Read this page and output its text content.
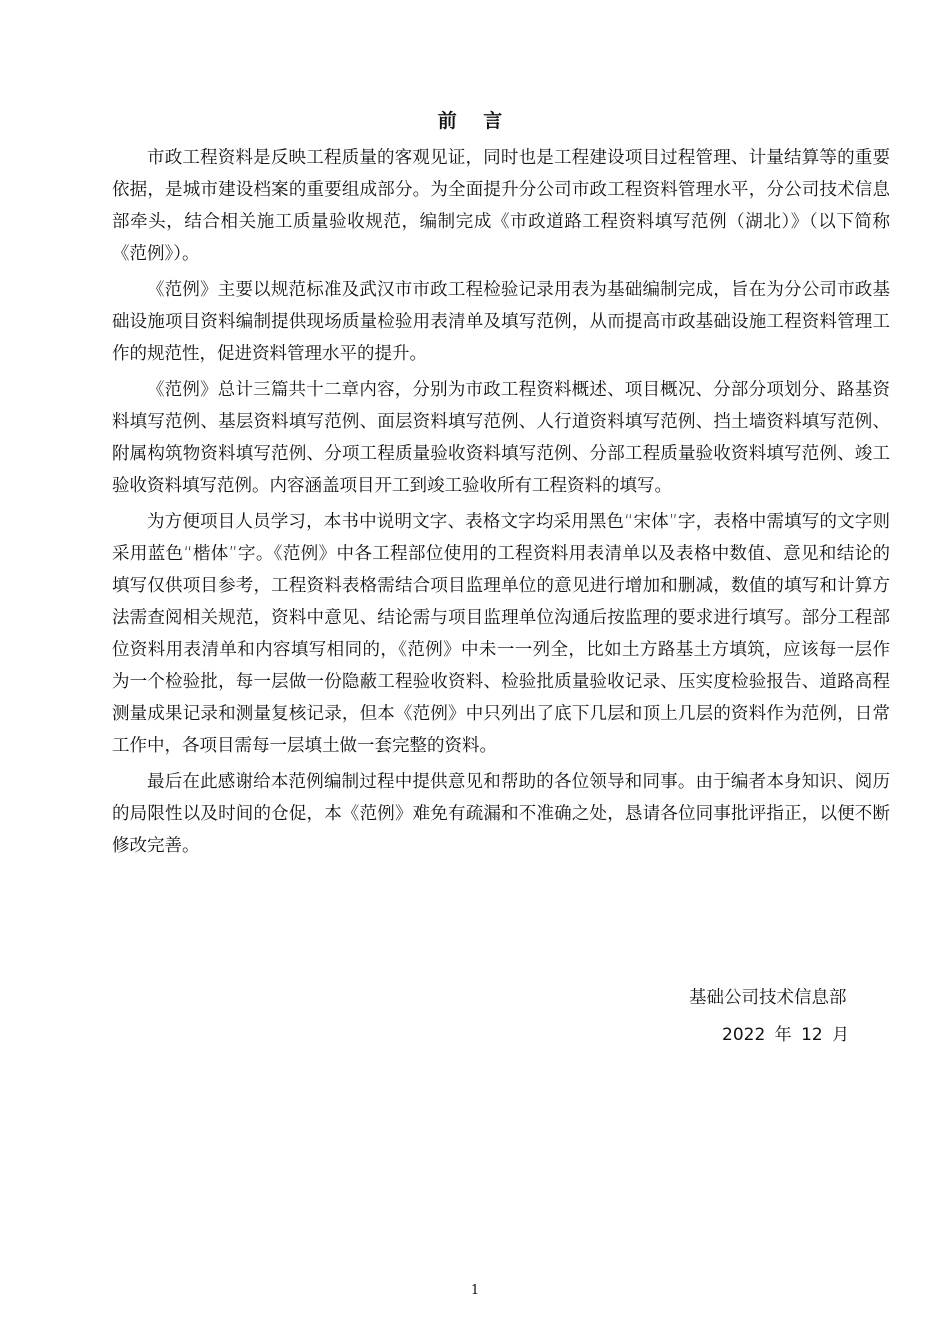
前 言

市政工程资料是反映工程质量的客观见证，同时也是工程建设项目过程管理、计量结算等的重要依据，是城市建设档案的重要组成部分。为全面提升分公司市政工程资料管理水平，分公司技术信息部牵头，结合相关施工质量验收规范，编制完成《市政道路工程资料填写范例（湖北）》（以下简称《范例》）。

《范例》主要以规范标准及武汉市市政工程检验记录用表为基础编制完成，旨在为分公司市政基础设施项目资料编制提供现场质量检验用表清单及填写范例，从而提高市政基础设施工程资料管理工作的规范性，促进资料管理水平的提升。

《范例》总计三篇共十二章内容，分别为市政工程资料概述、项目概况、分部分项划分、路基资料填写范例、基层资料填写范例、面层资料填写范例、人行道资料填写范例、挡土墙资料填写范例、附属构筑物资料填写范例、分项工程质量验收资料填写范例、分部工程质量验收资料填写范例、竣工验收资料填写范例。内容涵盖项目开工到竣工验收所有工程资料的填写。

为方便项目人员学习，本书中说明文字、表格文字均采用黑色“宋体”字，表格中需填写的文字则采用蓝色“楷体”字。《范例》中各工程部位使用的工程资料用表清单以及表格中数值、意见和结论的填写仅供项目参考，工程资料表格需结合项目监理单位的意见进行增加和删减，数值的填写和计算方法需查阅相关规范，资料中意见、结论需与项目监理单位沟通后按监理的要求进行填写。部分工程部位资料用表清单和内容填写相同的，《范例》中未一一列全，比如土方路基土方填筑，应该每一层作为一个检验批，每一层做一份隐蔽工程验收资料、检验批质量验收记录、压实度检验报告、道路高程测量成果记录和测量复核记录，但本《范例》中只列出了底下几层和顶上几层的资料作为范例，日常工作中，各项目需每一层填土做一套完整的资料。

最后在此感谢给本范例编制过程中提供意见和帮助的各位领导和同事。由于编者本身知识、阅历的局限性以及时间的仓促，本《范例》难免有疏漏和不准确之处，恳请各位同事批评指正，以便不断修改完善。

基础公司技术信息部
2022 年 12 月
1
